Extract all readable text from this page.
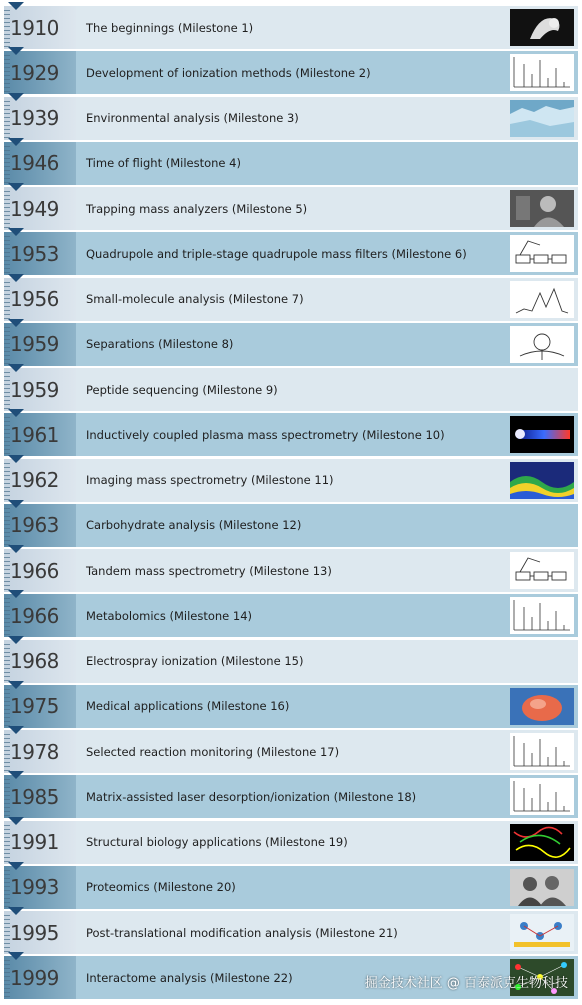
1910 The beginnings (Milestone 1)
1929 Development of ionization methods (Milestone 2)
1939 Environmental analysis (Milestone 3)
1946 Time of flight (Milestone 4)
1949 Trapping mass analyzers (Milestone 5)
1953 Quadrupole and triple-stage quadrupole mass filters (Milestone 6)
1956 Small-molecule analysis (Milestone 7)
1959 Separations (Milestone 8)
1959 Peptide sequencing (Milestone 9)
1961 Inductively coupled plasma mass spectrometry (Milestone 10)
1962 Imaging mass spectrometry (Milestone 11)
1963 Carbohydrate analysis (Milestone 12)
1966 Tandem mass spectrometry (Milestone 13)
1966 Metabolomics (Milestone 14)
1968 Electrospray ionization (Milestone 15)
1975 Medical applications (Milestone 16)
1978 Selected reaction monitoring (Milestone 17)
1985 Matrix-assisted laser desorption/ionization (Milestone 18)
1991 Structural biology applications (Milestone 19)
1993 Proteomics (Milestone 20)
1995 Post-translational modification analysis (Milestone 21)
1999 Interactome analysis (Milestone 22)	掘金技术社区 @ 百泰派克生物科技
